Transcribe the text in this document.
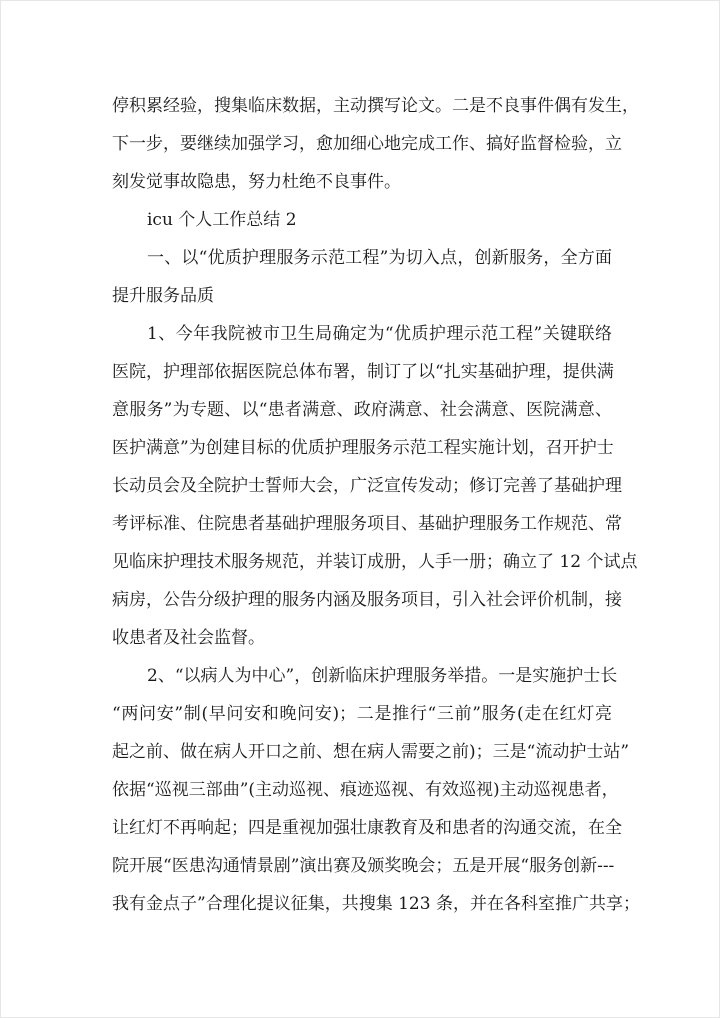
停积累经验，搜集临床数据，主动撰写论文。二是不良事件偶有发生，
下一步，要继续加强学习，愈加细心地完成工作、搞好监督检验，立
刻发觉事故隐患，努力杜绝不良事件。
icu 个人工作总结 2
一、以“优质护理服务示范工程”为切入点，创新服务，全方面
提升服务品质
1、今年我院被市卫生局确定为“优质护理示范工程”关键联络
医院，护理部依据医院总体布署，制订了以“扎实基础护理，提供满
意服务”为专题、以“患者满意、政府满意、社会满意、医院满意、
医护满意”为创建目标的优质护理服务示范工程实施计划，召开护士
长动员会及全院护士誓师大会，广泛宣传发动；修订完善了基础护理
考评标准、住院患者基础护理服务项目、基础护理服务工作规范、常
见临床护理技术服务规范，并装订成册，人手一册；确立了 12 个试点
病房，公告分级护理的服务内涵及服务项目，引入社会评价机制，接
收患者及社会监督。
2、“以病人为中心”，创新临床护理服务举措。一是实施护士长
“两问安”制(早问安和晚问安)；二是推行“三前”服务(走在红灯亮
起之前、做在病人开口之前、想在病人需要之前)；三是“流动护士站”
依据“巡视三部曲”(主动巡视、痕迹巡视、有效巡视)主动巡视患者，
让红灯不再响起；四是重视加强壮康教育及和患者的沟通交流，在全
院开展“医患沟通情景剧”演出赛及颁奖晚会；五是开展“服务创新---
我有金点子”合理化提议征集，共搜集 123 条，并在各科室推广共享；
